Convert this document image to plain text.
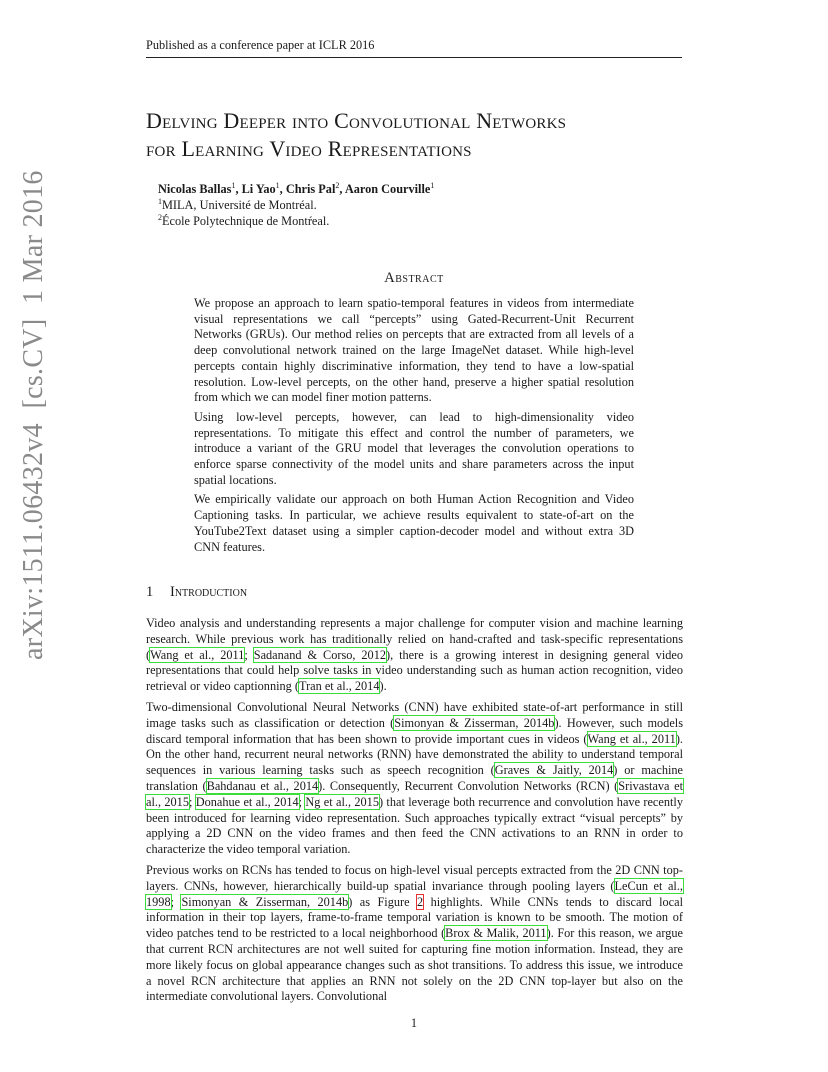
arXiv:1511.06432v4  [cs.CV]  1 Mar 2016
Published as a conference paper at ICLR 2016
Delving Deeper into Convolutional Networks
for Learning Video Representations
Nicolas Ballas$^1$, Li Yao$^1$, Chris Pal$^2$, Aaron Courville$^1$
$^1$MILA, Université de Montréal.
$^2$École Polytechnique de Montŕeal.
Abstract

We propose an approach to learn spatio-temporal features in videos from intermediate visual representations we call “percepts” using Gated-Recurrent-Unit Recurrent Networks (GRUs). Our method relies on percepts that are extracted from all levels of a deep convolutional network trained on the large ImageNet dataset. While high-level percepts contain highly discriminative information, they tend to have a low-spatial resolution. Low-level percepts, on the other hand, preserve a higher spatial resolution from which we can model finer motion patterns.

Using low-level percepts, however, can lead to high-dimensionality video representations. To mitigate this effect and control the number of parameters, we introduce a variant of the GRU model that leverages the convolution operations to enforce sparse connectivity of the model units and share parameters across the input spatial locations.

We empirically validate our approach on both Human Action Recognition and Video Captioning tasks. In particular, we achieve results equivalent to state-of-art on the YouTube2Text dataset using a simpler caption-decoder model and without extra 3D CNN features.

1 Introduction

Video analysis and understanding represents a major challenge for computer vision and machine learning research. While previous work has traditionally relied on hand-crafted and task-specific representations (Wang et al., 2011; Sadanand & Corso, 2012), there is a growing interest in designing general video representations that could help solve tasks in video understanding such as human action recognition, video retrieval or video captionning (Tran et al., 2014).

Two-dimensional Convolutional Neural Networks (CNN) have exhibited state-of-art performance in still image tasks such as classification or detection (Simonyan & Zisserman, 2014b). However, such models discard temporal information that has been shown to provide important cues in videos (Wang et al., 2011). On the other hand, recurrent neural networks (RNN) have demonstrated the ability to understand temporal sequences in various learning tasks such as speech recognition (Graves & Jaitly, 2014) or machine translation (Bahdanau et al., 2014). Consequently, Recurrent Convolution Networks (RCN) (Srivastava et al., 2015; Donahue et al., 2014; Ng et al., 2015) that leverage both recurrence and convolution have recently been introduced for learning video representation. Such approaches typically extract “visual percepts” by applying a 2D CNN on the video frames and then feed the CNN activations to an RNN in order to characterize the video temporal variation.

Previous works on RCNs has tended to focus on high-level visual percepts extracted from the 2D CNN top-layers. CNNs, however, hierarchically build-up spatial invariance through pooling layers (LeCun et al., 1998; Simonyan & Zisserman, 2014b) as Figure 2 highlights. While CNNs tends to discard local information in their top layers, frame-to-frame temporal variation is known to be smooth. The motion of video patches tend to be restricted to a local neighborhood (Brox & Malik, 2011). For this reason, we argue that current RCN architectures are not well suited for capturing fine motion information. Instead, they are more likely focus on global appearance changes such as shot transitions. To address this issue, we introduce a novel RCN architecture that applies an RNN not solely on the 2D CNN top-layer but also on the intermediate convolutional layers. Convolutional

1
